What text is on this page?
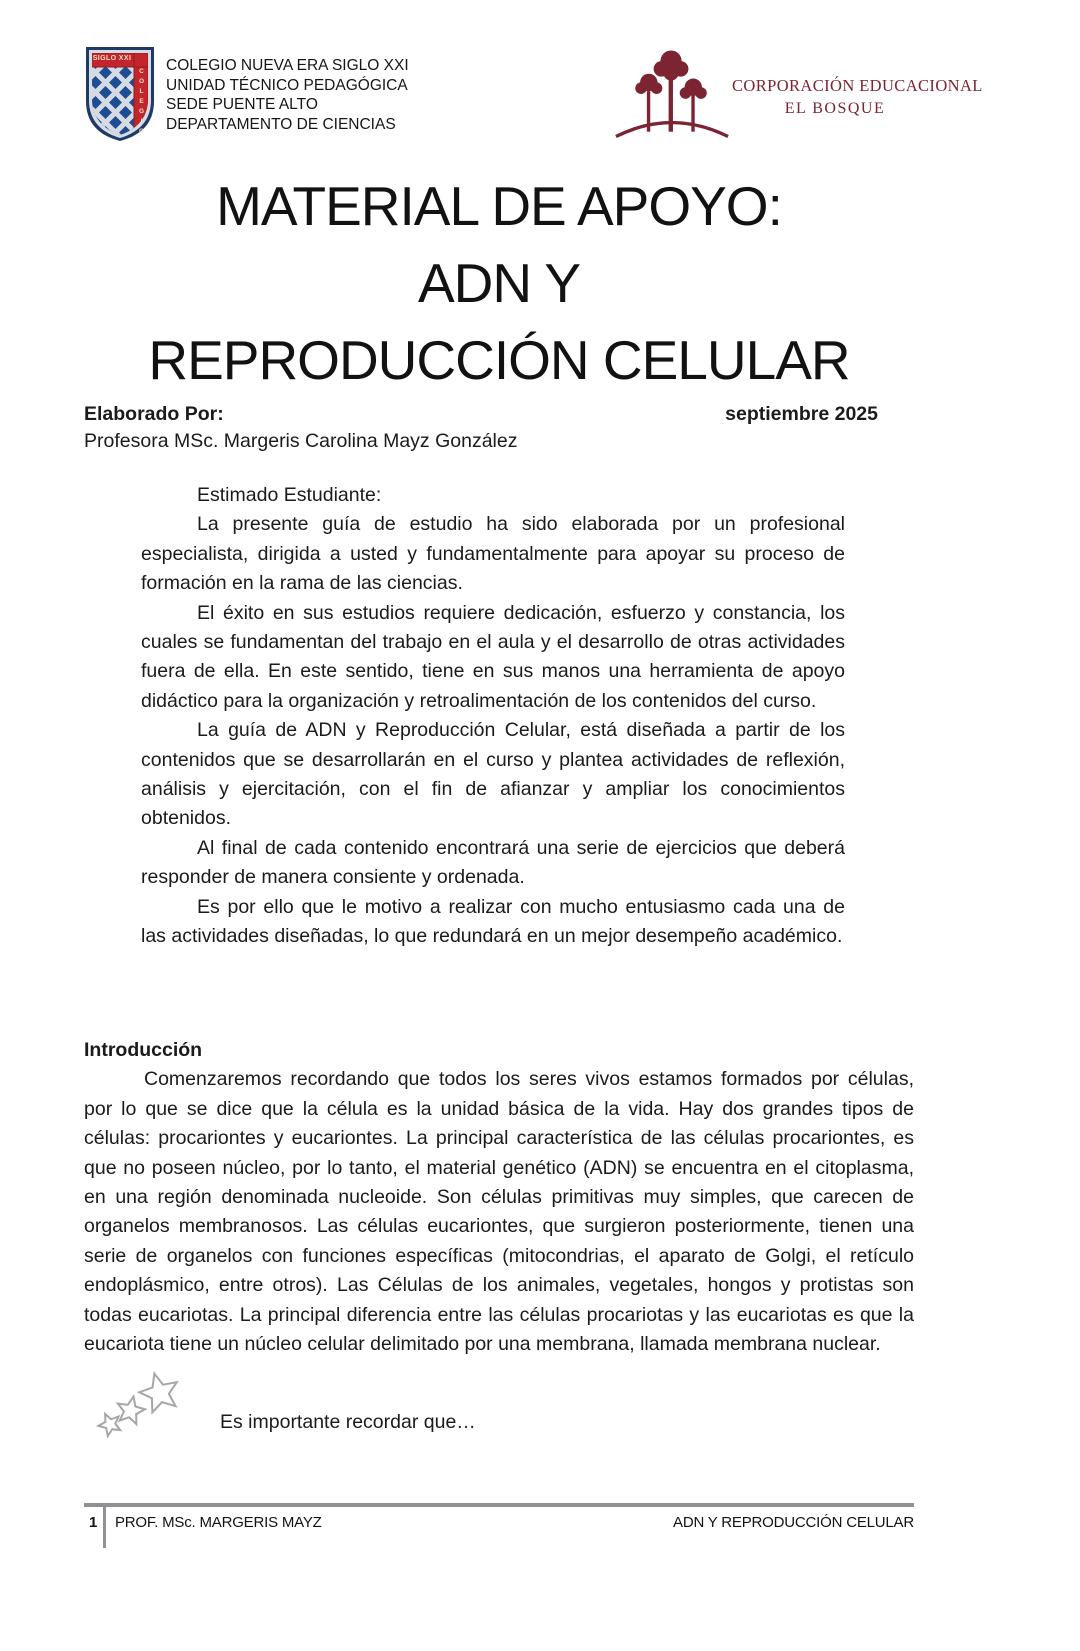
SIGLO XXI
COLEGIO
COLEGIO NUEVA ERA SIGLO XXI
UNIDAD TÉCNICO PEDAGÓGICA
SEDE PUENTE ALTO
DEPARTAMENTO DE CIENCIAS
CORPORACIÓN EDUCACIONAL
EL BOSQUE
MATERIAL DE APOYO:
ADN Y
REPRODUCCIÓN CELULAR
Elaborado Por:	septiembre 2025
Profesora MSc. Margeris Carolina Mayz González

Estimado Estudiante:

La presente guía de estudio ha sido elaborada por un profesional especialista, dirigida a usted y fundamentalmente para apoyar su proceso de formación en la rama de las ciencias.

El éxito en sus estudios requiere dedicación, esfuerzo y constancia, los cuales se fundamentan del trabajo en el aula y el desarrollo de otras actividades fuera de ella. En este sentido, tiene en sus manos una herramienta de apoyo didáctico para la organización y retroalimentación de los contenidos del curso.

La guía de ADN y Reproducción Celular, está diseñada a partir de los contenidos que se desarrollarán en el curso y plantea actividades de reflexión, análisis y ejercitación, con el fin de afianzar y ampliar los conocimientos obtenidos.

Al final de cada contenido encontrará una serie de ejercicios que deberá responder de manera consiente y ordenada.

Es por ello que le motivo a realizar con mucho entusiasmo cada una de las actividades diseñadas, lo que redundará en un mejor desempeño académico.

Introducción

Comenzaremos recordando que todos los seres vivos estamos formados por células, por lo que se dice que la célula es la unidad básica de la vida. Hay dos grandes tipos de células: procariontes y eucariontes. La principal característica de las células procariontes, es que no poseen núcleo, por lo tanto, el material genético (ADN) se encuentra en el citoplasma, en una región denominada nucleoide. Son células primitivas muy simples, que carecen de organelos membranosos. Las células eucariontes, que surgieron posteriormente, tienen una serie de organelos con funciones específicas (mitocondrias, el aparato de Golgi, el retículo endoplásmico, entre otros). Las Células de los animales, vegetales, hongos y protistas son todas eucariotas. La principal diferencia entre las células procariotas y las eucariotas es que la eucariota tiene un núcleo celular delimitado por una membrana, llamada membrana nuclear.

Es importante recordar que…
1	PROF. MSc. MARGERIS MAYZ	ADN Y REPRODUCCIÓN CELULAR
